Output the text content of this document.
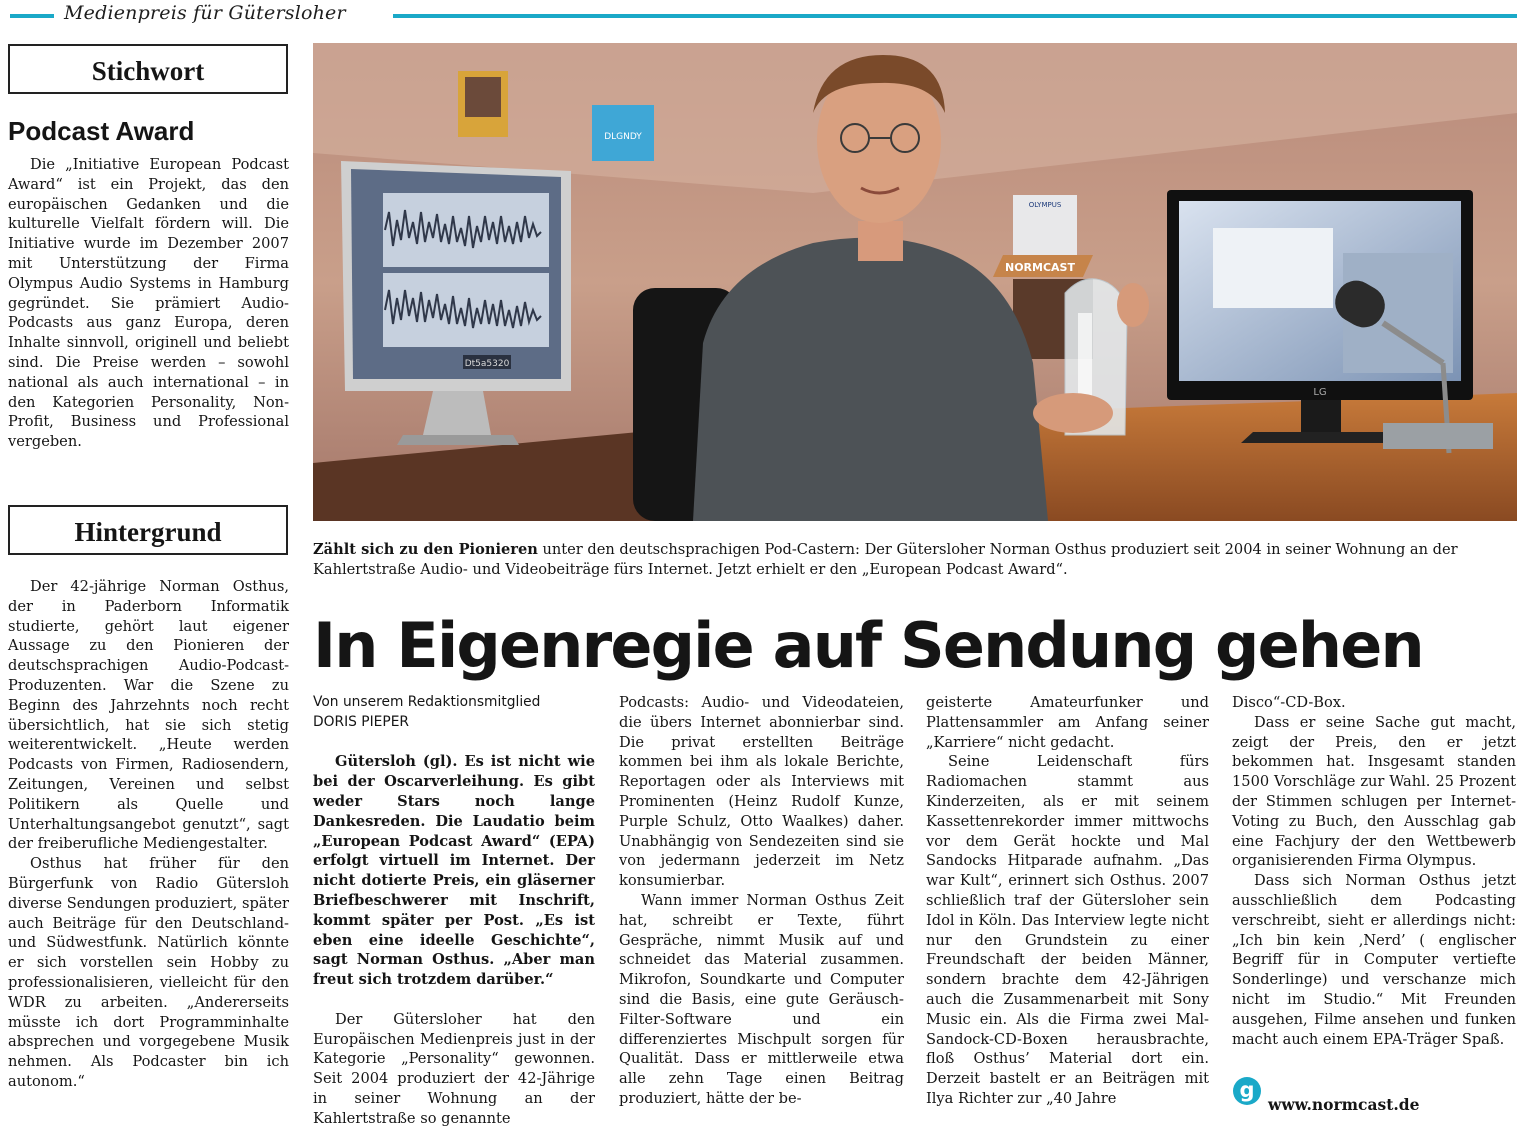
Medienpreis für Gütersloher
Stichwort
Podcast Award

Die „Initiative European Podcast Award“ ist ein Projekt, das den europäischen Gedanken und die kulturelle Vielfalt fördern will. Die Initiative wurde im Dezember 2007 mit Unterstützung der Firma Olympus Audio Systems in Hamburg gegründet. Sie prämiert Audio-Podcasts aus ganz Europa, deren Inhalte sinnvoll, originell und beliebt sind. Die Preise werden – sowohl national als auch international – in den Kategorien Personality, Non-Profit, Business und Professional vergeben.

Hintergrund

Der 42-jährige Norman Osthus, der in Paderborn Informatik studierte, gehört laut eigener Aussage zu den Pionieren der deutschsprachigen Audio-Podcast-Produzenten. War die Szene zu Beginn des Jahrzehnts noch recht übersichtlich, hat sie sich stetig weiterentwickelt. „Heute werden Podcasts von Firmen, Radiosendern, Zeitungen, Vereinen und selbst Politikern als Quelle und Unterhaltungsangebot genutzt“, sagt der freiberufliche Mediengestalter.

Osthus hat früher für den Bürgerfunk von Radio Gütersloh diverse Sendungen produziert, später auch Beiträge für den Deutschland- und Südwestfunk. Natürlich könnte er sich vorstellen sein Hobby zu professionalisieren, vielleicht für den WDR zu arbeiten. „Andererseits müsste ich dort Programminhalte absprechen und vorgegebene Musik nehmen. Als Podcaster bin ich autonom.“

DLGNDY
Dt5a5320
LG
OLYMPUS
NORMCAST
Zählt sich zu den Pionieren unter den deutschsprachigen Pod-Castern: Der Gütersloher Norman Osthus produziert seit 2004 in seiner Wohnung an der Kahlertstraße Audio- und Videobeiträge fürs Internet. Jetzt erhielt er den „European Podcast Award“.
In Eigenregie auf Sendung gehen
Von unserem Redaktionsmitglied
DORIS PIEPER

Gütersloh (gl). Es ist nicht wie bei der Oscarverleihung. Es gibt weder Stars noch lange Dankesreden. Die Laudatio beim „European Podcast Award“ (EPA) erfolgt virtuell im Internet. Der nicht dotierte Preis, ein gläserner Briefbeschwerer mit Inschrift, kommt später per Post. „Es ist eben eine ideelle Geschichte“, sagt Norman Osthus. „Aber man freut sich trotzdem darüber.“

Der Gütersloher hat den Europäischen Medienpreis just in der Kategorie „Personality“ gewonnen. Seit 2004 produziert der 42-Jährige in seiner Wohnung an der Kahlertstraße so genannte

Podcasts: Audio- und Videodateien, die übers Internet abonnierbar sind. Die privat erstellten Beiträge kommen bei ihm als lokale Berichte, Reportagen oder als Interviews mit Prominenten (Heinz Rudolf Kunze, Purple Schulz, Otto Waalkes) daher. Unabhängig von Sendezeiten sind sie von jedermann jederzeit im Netz konsumierbar.

Wann immer Norman Osthus Zeit hat, schreibt er Texte, führt Gespräche, nimmt Musik auf und schneidet das Material zusammen. Mikrofon, Soundkarte und Computer sind die Basis, eine gute Geräusch-Filter-Software und ein differenziertes Mischpult sorgen für Qualität. Dass er mittlerweile etwa alle zehn Tage einen Beitrag produziert, hätte der be-

geisterte Amateurfunker und Plattensammler am Anfang seiner „Karriere“ nicht gedacht.

Seine Leidenschaft fürs Radiomachen stammt aus Kinderzeiten, als er mit seinem Kassettenrekorder immer mittwochs vor dem Gerät hockte und Mal Sandocks Hitparade aufnahm. „Das war Kult“, erinnert sich Osthus. 2007 schließlich traf der Gütersloher sein Idol in Köln. Das Interview legte nicht nur den Grundstein zu einer Freundschaft der beiden Männer, sondern brachte dem 42-Jährigen auch die Zusammenarbeit mit Sony Music ein. Als die Firma zwei Mal-Sandock-CD-Boxen herausbrachte, floß Osthus’ Material dort ein. Derzeit bastelt er an Beiträgen mit Ilya Richter zur „40 Jahre

Disco“-CD-Box.

Dass er seine Sache gut macht, zeigt der Preis, den er jetzt bekommen hat. Insgesamt standen 1500 Vorschläge zur Wahl. 25 Prozent der Stimmen schlugen per Internet-Voting zu Buch, den Ausschlag gab eine Fachjury der den Wettbewerb organisierenden Firma Olympus.

Dass sich Norman Osthus jetzt ausschließlich dem Podcasting verschreibt, sieht er allerdings nicht: „Ich bin kein ‚Nerd’ ( englischer Begriff für in Computer vertiefte Sonderlinge) und verschanze mich nicht im Studio.“ Mit Freunden ausgehen, Filme ansehen und funken macht auch einem EPA-Träger Spaß.

g
www.normcast.de
